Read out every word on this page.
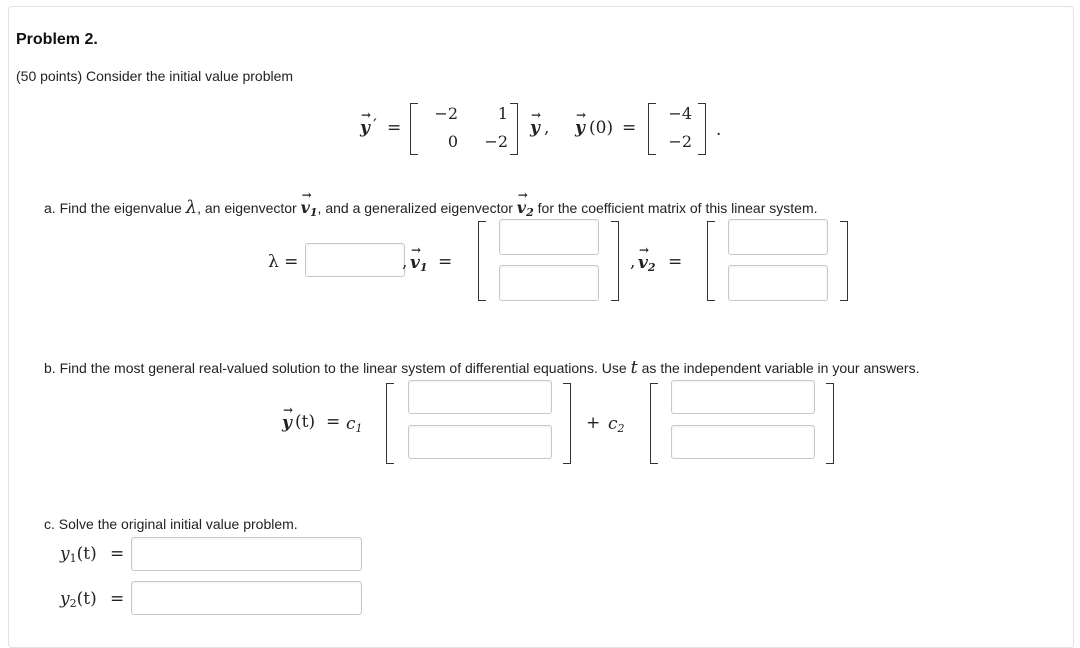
Problem 2.
(50 points) Consider the initial value problem
→ y ′ =
−2	1
0	−2
→ y , → y (0) =
−4
−2
.
a. Find the eigenvalue λ, an eigenvector → $v_1$, and a generalized eigenvector → $v_2$ for the coefficient matrix of this linear system.
λ =	, → $v_1$ =	, → $v_2$ =
b. Find the most general real-valued solution to the linear system of differential equations. Use t as the independent variable in your answers.
→ y $(t) = c_1$	+ $c_2$
c. Solve the original initial value problem.
$y_1(t)$ =
$y_2(t)$ =
